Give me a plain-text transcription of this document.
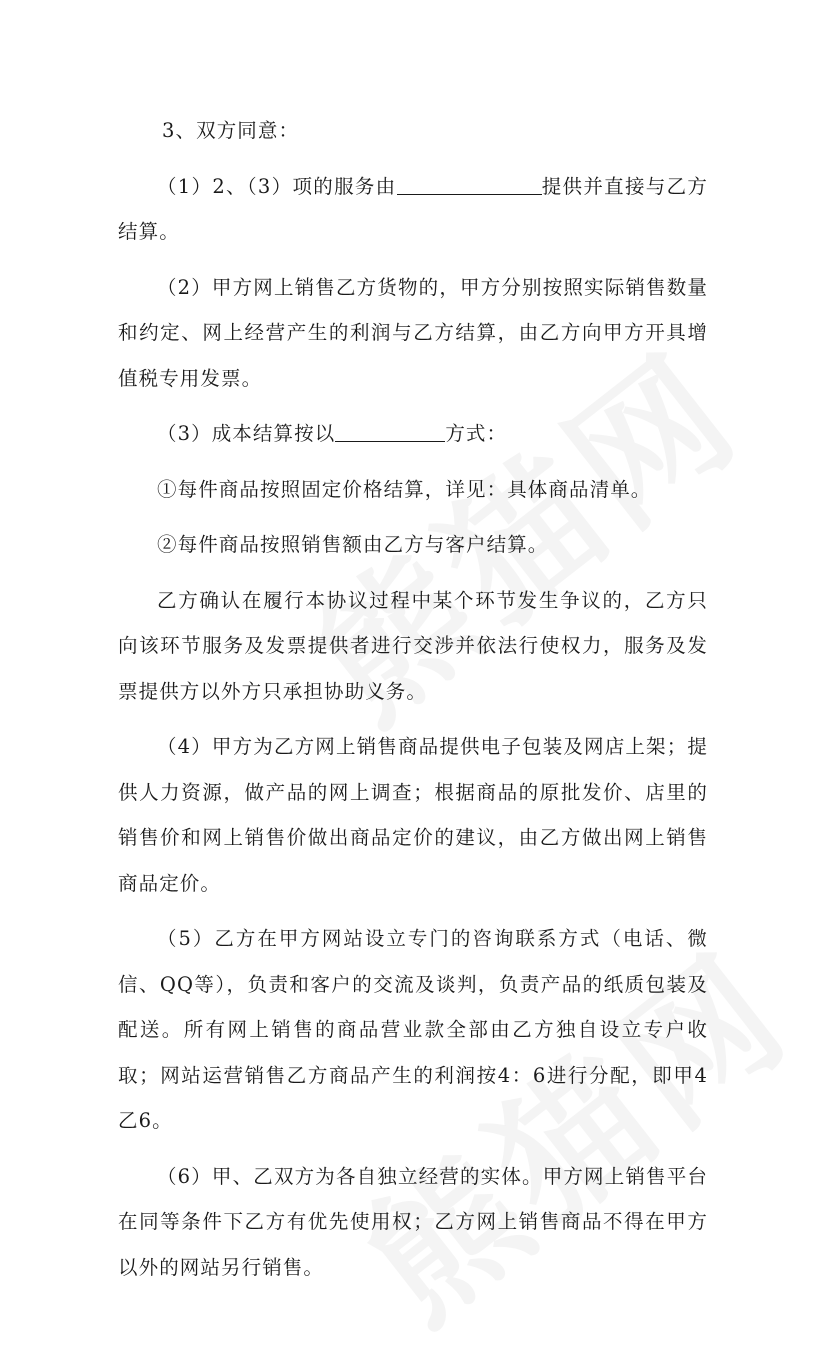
3、双方同意：

（1）2、（3）项的服务由	提供并直接与乙方结算。

（2）甲方网上销售乙方货物的，甲方分别按照实际销售数量和约定、网上经营产生的利润与乙方结算，由乙方向甲方开具增值税专用发票。

（3）成本结算按以	方式：

①每件商品按照固定价格结算，详见：具体商品清单。

②每件商品按照销售额由乙方与客户结算。

乙方确认在履行本协议过程中某个环节发生争议的，乙方只向该环节服务及发票提供者进行交涉并依法行使权力，服务及发票提供方以外方只承担协助义务。

（4）甲方为乙方网上销售商品提供电子包装及网店上架；提供人力资源，做产品的网上调查；根据商品的原批发价、店里的销售价和网上销售价做出商品定价的建议，由乙方做出网上销售商品定价。

（5）乙方在甲方网站设立专门的咨询联系方式（电话、微信、QQ等），负责和客户的交流及谈判，负责产品的纸质包装及配送。所有网上销售的商品营业款全部由乙方独自设立专户收取；网站运营销售乙方商品产生的利润按4：6进行分配，即甲4乙6。

（6）甲、乙双方为各自独立经营的实体。甲方网上销售平台在同等条件下乙方有优先使用权；乙方网上销售商品不得在甲方以外的网站另行销售。
